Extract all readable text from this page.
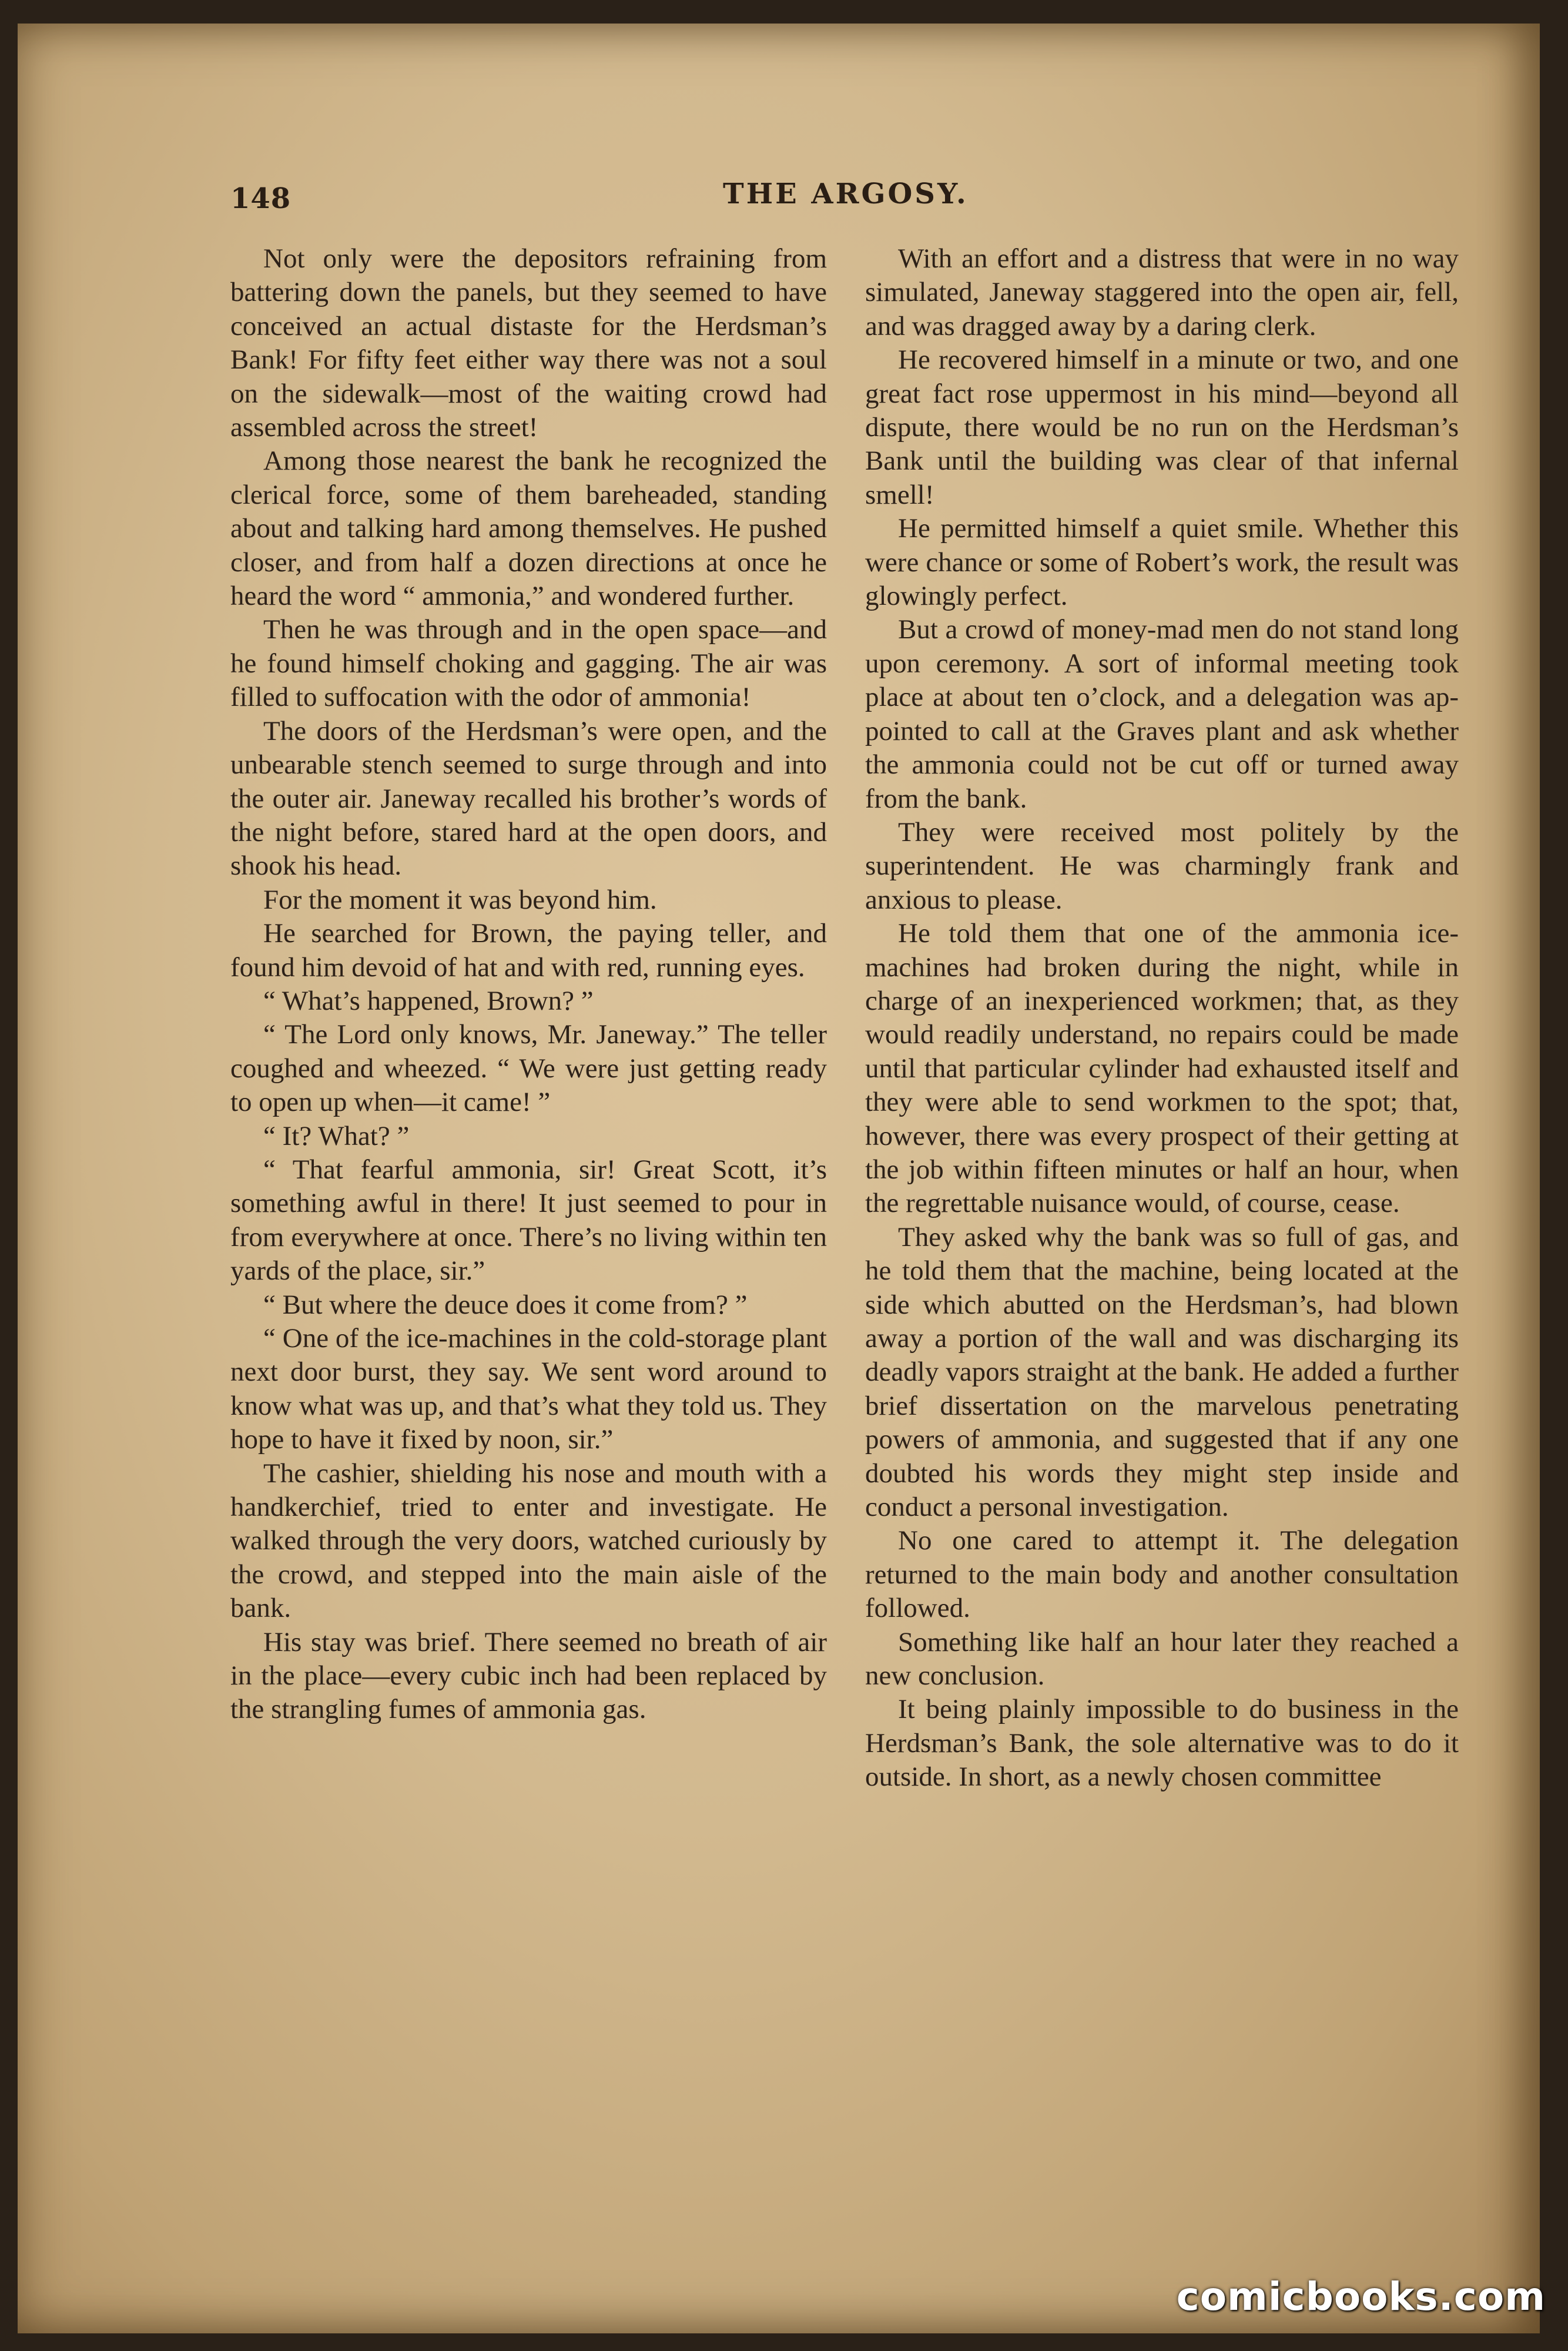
148	THE ARGOSY.

Not only were the depositors refraining from battering down the panels, but they seemed to have conceived an actual distaste for the Herdsman’s Bank! For fifty feet either way there was not a soul on the sidewalk—most of the waiting crowd had assembled across the street!

Among those nearest the bank he recognized the clerical force, some of them bareheaded, standing about and talking hard among themselves. He pushed closer, and from half a dozen directions at once he heard the word “ ammonia,” and wondered further.

Then he was through and in the open space—and he found himself choking and gagging. The air was filled to suffocation with the odor of ammonia!

The doors of the Herdsman’s were open, and the unbearable stench seemed to surge through and into the outer air. Janeway recalled his brother’s words of the night before, stared hard at the open doors, and shook his head.

For the moment it was beyond him.

He searched for Brown, the paying teller, and found him devoid of hat and with red, running eyes.

“ What’s happened, Brown? ”

“ The Lord only knows, Mr. Janeway.” The teller coughed and wheezed. “ We were just getting ready to open up when—it came! ”

“ It? What? ”

“ That fearful ammonia, sir! Great Scott, it’s something awful in there! It just seemed to pour in from everywhere at once. There’s no living within ten yards of the place, sir.”

“ But where the deuce does it come from? ”

“ One of the ice-machines in the cold-storage plant next door burst, they say. We sent word around to know what was up, and that’s what they told us. They hope to have it fixed by noon, sir.”

The cashier, shielding his nose and mouth with a handkerchief, tried to enter and investigate. He walked through the very doors, watched curiously by the crowd, and stepped into the main aisle of the bank.

His stay was brief. There seemed no breath of air in the place—every cubic inch had been replaced by the strangling fumes of ammonia gas.

With an effort and a distress that were in no way simulated, Janeway staggered into the open air, fell, and was dragged away by a daring clerk.

He recovered himself in a minute or two, and one great fact rose uppermost in his mind—beyond all dispute, there would be no run on the Herdsman’s Bank until the building was clear of that infernal smell!

He permitted himself a quiet smile. Whether this were chance or some of Robert’s work, the result was glowingly perfect.

But a crowd of money-mad men do not stand long upon ceremony. A sort of informal meeting took place at about ten o’clock, and a delegation was appointed to call at the Graves plant and ask whether the ammonia could not be cut off or turned away from the bank.

They were received most politely by the superintendent. He was charmingly frank and anxious to please.

He told them that one of the ammonia ice-machines had broken during the night, while in charge of an inexperienced workmen; that, as they would readily understand, no repairs could be made until that particular cylinder had exhausted itself and they were able to send workmen to the spot; that, however, there was every prospect of their getting at the job within fifteen minutes or half an hour, when the regrettable nuisance would, of course, cease.

They asked why the bank was so full of gas, and he told them that the machine, being located at the side which abutted on the Herdsman’s, had blown away a portion of the wall and was discharging its deadly vapors straight at the bank. He added a further brief dissertation on the marvelous penetrating powers of ammonia, and suggested that if any one doubted his words they might step inside and conduct a personal investigation.

No one cared to attempt it. The delegation returned to the main body and another consultation followed.

Something like half an hour later they reached a new conclusion.

It being plainly impossible to do business in the Herdsman’s Bank, the sole alternative was to do it outside. In short, as a newly chosen committee

comicbooks.com
